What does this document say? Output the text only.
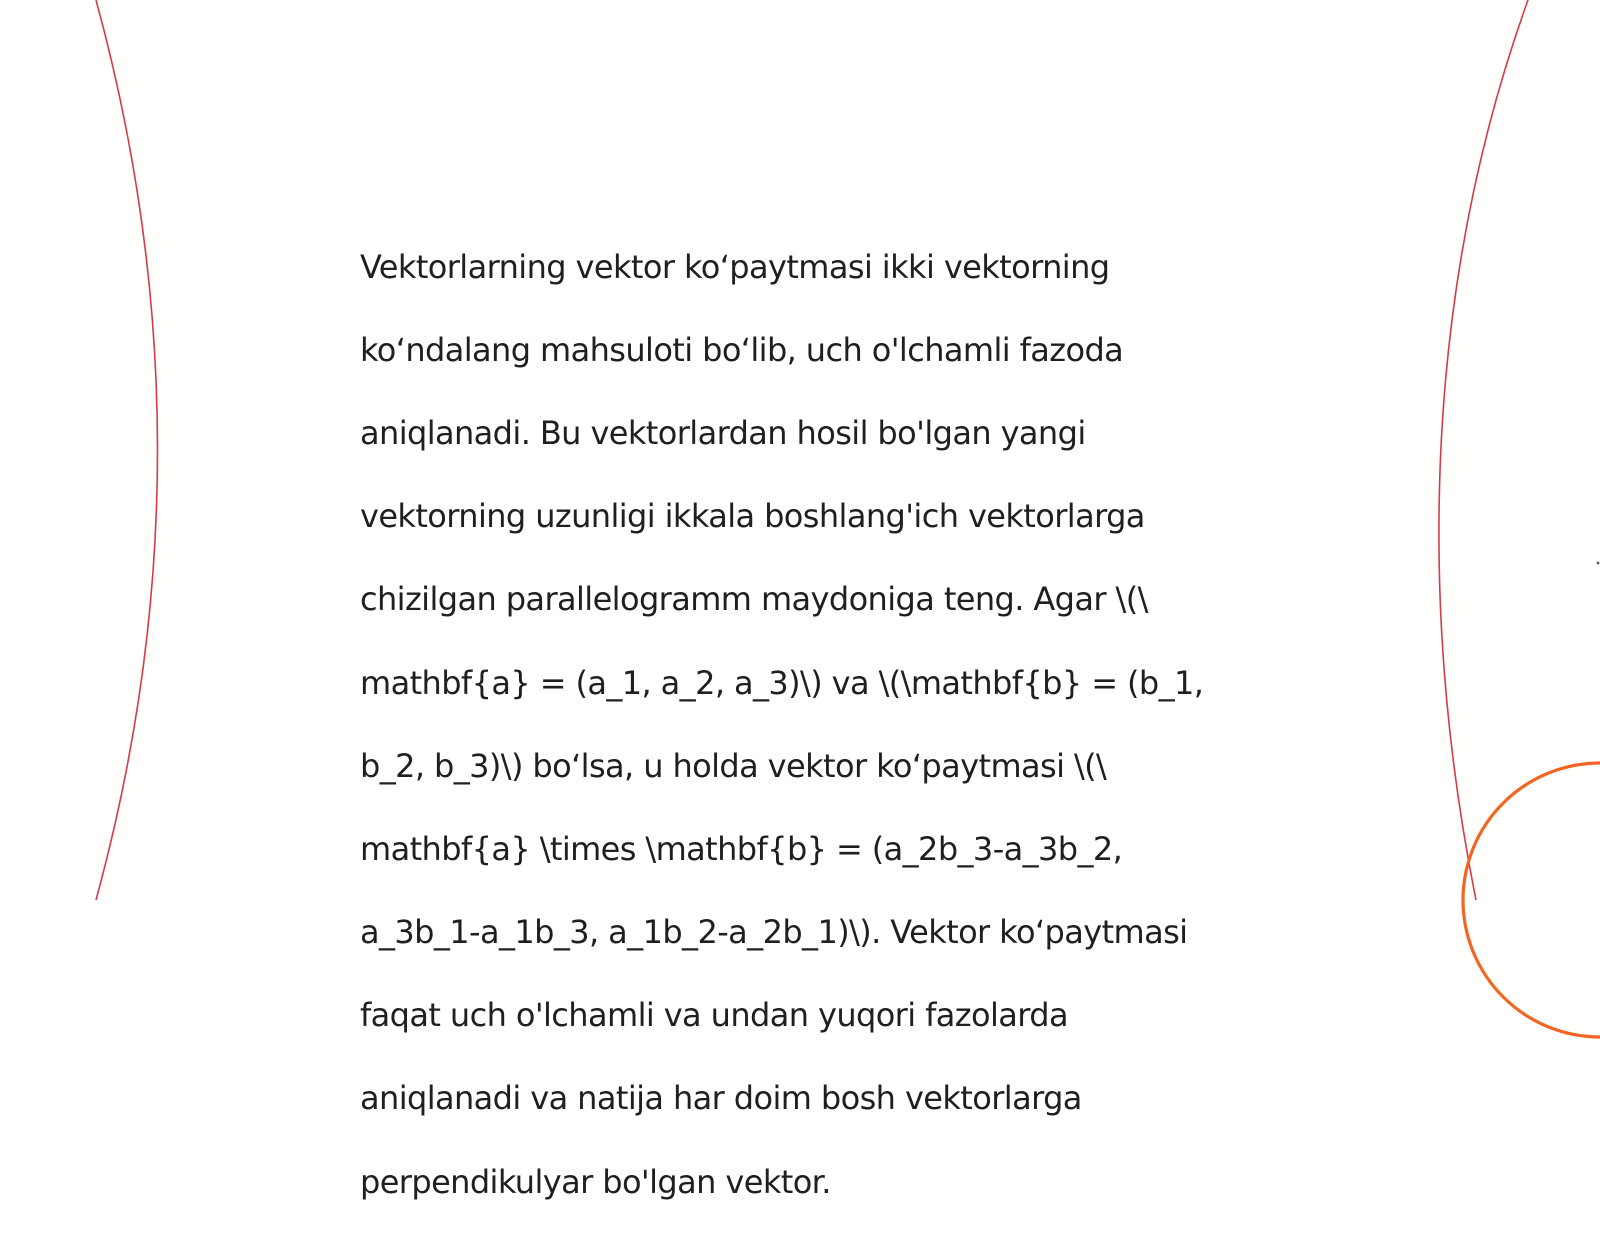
Vektorlarning vektor koʻpaytmasi ikki vektorning

koʻndalang mahsuloti boʻlib, uch o'lchamli fazoda

aniqlanadi. Bu vektorlardan hosil bo'lgan yangi

vektorning uzunligi ikkala boshlang'ich vektorlarga

chizilgan parallelogramm maydoniga teng. Agar \(\

mathbf{a} = (a_1, a_2, a_3)\) va \(\mathbf{b} = (b_1,

b_2, b_3)\) boʻlsa, u holda vektor koʻpaytmasi \(\

mathbf{a} \times \mathbf{b} = (a_2b_3-a_3b_2,

a_3b_1-a_1b_3, a_1b_2-a_2b_1)\). Vektor koʻpaytmasi

faqat uch o'lchamli va undan yuqori fazolarda

aniqlanadi va natija har doim bosh vektorlarga

perpendikulyar bo'lgan vektor.
